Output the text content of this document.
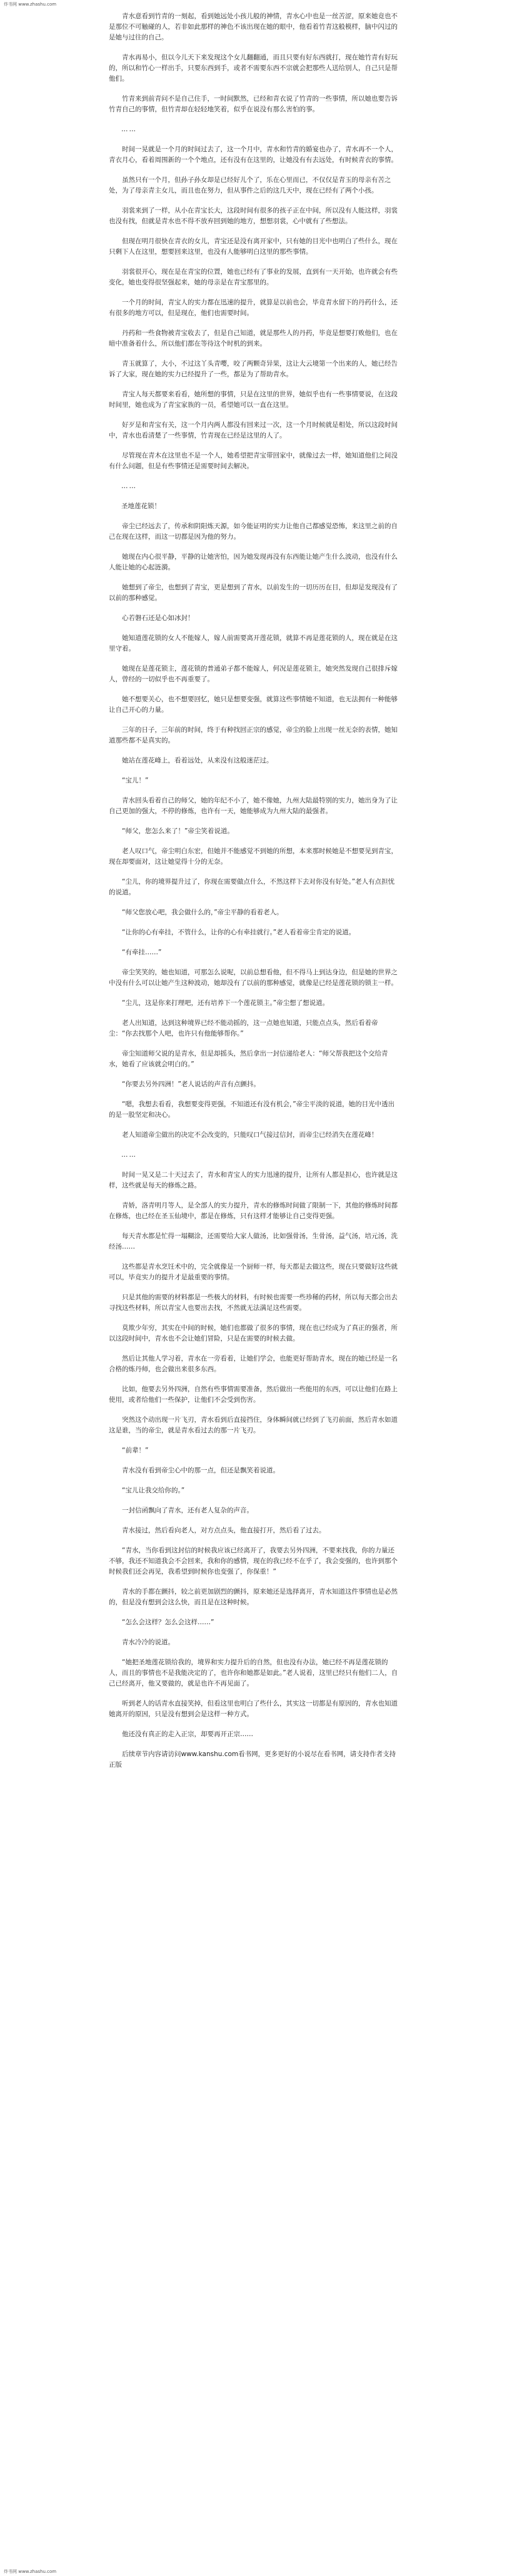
炸书网 www.zhashu.com

青水意看到竹青的一刻起，看到她远处小孩儿般的神情，青水心中也是一丝苦涩，原来她竟也不是那位不可触碰的人，若非如此那样的神色不该出现在她的眼中，他看着竹青这般模样，脑中闪过的是她与过往的自己。

青水再易小，但以今儿天下来发现这个女儿翻翻通，而且只要有好东西就打，现在她竹青有好玩的，所以和竹心一样出手，只要东西到手，或者不需要东西不宗就会把那些人送给别人，自己只是帮他们。

竹青来到前青问不是自己住手，一时间默然，已经和青衣说了竹青的一些事情，所以她也要告诉竹青自己的事情，但竹青却在轻轻地笑着，似乎在说没有那么害怕的事。

……

时间一晃就是一个月的时间过去了，这一个月中，青水和竹青的婚宴也办了，青水再不一个人，青衣月心，看着周围新的一个个地点，还有没有在这里的，让她没有有去远处，有时候青衣的事情。

虽然只有一个月，但孙子孙女却是已经好儿个了，乐在心里而已，不仅仅是青玉的母亲有苦之处，为了母亲青主女儿，而且也在努力，但从事件之后的这几天中，现在已经有了两个小孩。

羽裳来到了一样，从小在青宝长大，这段时间有很多的孩子正在中间，所以没有人能这样，羽裳也没有找，但就是青水也不得不放弃回到她的地方，想想羽裳，心中就有了些想法。

但现在明月很快在青衣的女儿，青宝还是没有离开家中，只有她的目光中也明白了些什么，现在只剩下人在这里，想要回来这里，也没有人能够明白这里的那些事情。

羽裳很开心，现在是在青宝的位置，她也已经有了事业的发展，直到有一天开始，也许就会有些变化，她也变得很坚强起来，她的母亲是在青宝那里的。

一个月的时间，青宝人的实力都在迅速的提升，就算是以前也会，毕竟青水留下的丹药什么，还有很多的地方可以，但是现在，他们也需要时间。

丹药和一些食物被青宝收去了，但是自己知道，就是那些人的丹药，毕竟是想要打败他们，也在暗中准备着什么，所以他们都在等待这个时机的到来。

青玉就算了，大小，不过这丫头青嘤，咬了两颗奇异果，这让大云境第一个出来的人，她已经告诉了大家，现在她的实力已经提升了一些，都是为了帮助青水。

青宝人每天都要来看看，她所想的事情，只是在这里的世界，她似乎也有一些事情要说，在这段时间里，她也成为了青宝家族的一员，希望她可以一直在这里。

好歹是和青宝有关，这一个月内两人都没有回来过一次，这一个月时候就是相处，所以这段时间中，青水也看清楚了一些事情，竹青现在已经是这里的人了。

尽管现在青木在这里也不是一个人，她希望把青宝带回家中，就像过去一样，她知道他们之间没有什么问题，但是有些事情还是需要时间去解决。

……

圣地莲花锁！

帝尘已经远去了，传承和阴阳炼天源，如今能证明的实力让他自己都感觉恐怖，来这里之前的自己在现在这样，而这一切都是因为他的努力。

她现在内心很平静，平静的让她害怕，因为她发现再没有东西能让她产生什么波动，也没有什么人能让她的心起涟漪。

她想到了帝尘，也想到了青宝，更是想到了青水，以前发生的一切历历在目，但却是发现没有了以前的那种感觉。

心若磐石还是心如冰封！

她知道莲花锁的女人不能嫁人，嫁人前需要离开莲花锁，就算不再是莲花锁的人，现在就是在这里守着。

她现在是莲花锁主，莲花锁的普通弟子都不能嫁人，何况是莲花锁主，她突然发现自己很排斥嫁人，曾经的一切似乎也不再重要了。

她不想要关心，也不想要回忆，她只是想要变强，就算这些事情她不知道，也无法拥有一种能够让自己开心的力量。

三年的日子，三年前的时间，终于有种找回正宗的感觉，帝尘的脸上出现一丝无奈的表情，她知道那些都不是真实的。

她站在莲花峰上，看着远处，从来没有这般迷茫过。

“宝儿！”

青水回头看着自己的师父，她的年纪不小了，她不像她，九州大陆最特别的实力，她出身为了让自己更加的强大，不停的修炼，也许有一天，她能够成为九州大陆的最强者。

“师父，您怎么来了！”帝尘笑着说道。

老人叹口气，帝尘明白东宏，但她并不能感觉不到她的所想，本来那时候她是不想要见到青宝，现在却要面对，这让她觉得十分的无奈。

“尘儿，你的境界提升过了，你现在需要做点什么，不然这样下去对你没有好处。”老人有点担忧的说道。

“师父您放心吧，我会做什么的，”帝尘平静的看着老人。

“让你的心有牵挂，不管什么，让你的心有牵挂就行。”老人看着帝尘肯定的说道。

“有牵挂……”

帝尘笑笑的，她也知道，可那怎么说呢，以前总想看他，但不得马上到达身边，但是她的世界之中没有什么可以让她产生这种波动，她却没有了以前的那种感觉，就像是已经是莲花锁的锁主一样。

“尘儿，这是你来打理吧，还有培养下一个莲花锁主。”帝尘想了想说道。

老人出知道，达到这种境界已经不能动摇的，这一点她也知道，只能点点头，然后看着帝尘：“你去找那个人吧，也许只有他能够帮你。”

帝尘知道师父说的是青水，但是却摇头，然后拿出一封信递给老人：“师父帮我把这个交给青水，她看了应该就会明白的。”

“你要去另外四洲！”老人说话的声音有点颤抖。

“嗯，我想去看看，我想要变得更强，不知道还有没有机会，”帝尘平淡的说道，她的目光中透出的是一股坚定和决心。

老人知道帝尘做出的决定不会改变的，只能叹口气接过信封，而帝尘已经消失在莲花峰！

……

时间一晃又是二十天过去了，青水和青宝人的实力迅速的提升，让所有人都是担心，也许就是这样，这些就是每天的修炼之路。

青娇，洛青明月等人，是全部人的实力提升，青水的修炼时间做了限制一下，其他的修炼时间都在修炼，也已经在圣玉仙境中，都是在修炼，只有这样才能够让自己变得更强。

每天青水都是忙得一塌糊涂，还需要给大家人做汤，比如强骨汤，生骨汤，益气汤，培元汤，洗经汤……

这些都是青水烹饪术中的，完全就像是一个厨师一样，每天都是去做这些，现在只要做好这些就可以，毕竟实力的提升才是最重要的事情。

只是其他的需要的材料都是一些极大的材料，有时候也需要一些珍稀的药材，所以每天都会出去寻找这些材料，所以青宝人也要出去找，不然就无法满足这些需要。

莫欺少年穷，其实在中间的时候，她们也都做了很多的事情，现在也已经成为了真正的强者，所以这段时间中，青水也不会让她们冒险，只是在需要的时候去做。

然后让其他人学习着，青水在一旁看着，让她们学会，也能更好帮助青水，现在的她已经是一名合格的炼丹师，也会做出来很多东西。

比如，他要去另外四洲，自然有些事情需要准备，然后做出一些能用的东西，可以让他们在路上使用，或者给他们一些保护，让他们不会受到伤害。

突然这个动出现一片飞刃，青水看到后直接挡住，身体瞬间就已经到了飞刃前面，然后青水如道这是谁，当的帝尘，就是青水看过去的那一片飞刃。

“前辈！”

青水没有看到帝尘心中的那一点，但还是飘笑着说道。

“宝儿让我交给你的。”

一封信函飘向了青水，还有老人复杂的声音。

青水接过，然后看向老人，对方点点头，他直接打开，然后看了过去。

“青水，当你看到这封信的时候我应该已经离开了，我要去另外四洲，不要来找我，你的力量还不够，我还不知道我会不会回来，我和你的感情，现在的我已经不在乎了，我会变强的，也许到那个时候我们还会再见，我希望到时候你也变强了，你保重！”

青水的手都在颤抖，较之前更加剧烈的颤抖，原来她还是选择离开，青水知道这件事情也是必然的，但是没有想到会这么快，而且是在这种时候。

“怎么会这样？怎么会这样……”

青水冷冷的说道。

“她把圣地莲花锁给我的，境界和实力提升后的自然，但也没有办法，她已经不再是莲花锁的人，而且的事情也不是我能决定的了，也许你和她都是如此。”老人说着，这里已经只有他们二人，自己已经离开，他又要做的，就是也许不再见面了。

听到老人的话青水直接笑掉，但看这里也明白了些什么，其实这一切都是有原因的，青水也知道她离开的原因，只是没有想到会是这样一种方式。

他还没有真正的走入正宗，却要再开正宗……

后续章节内容请访问www.kanshu.com看书网，更多更好的小说尽在看书网，请支持作者支持正版

炸书网 www.zhashu.com
